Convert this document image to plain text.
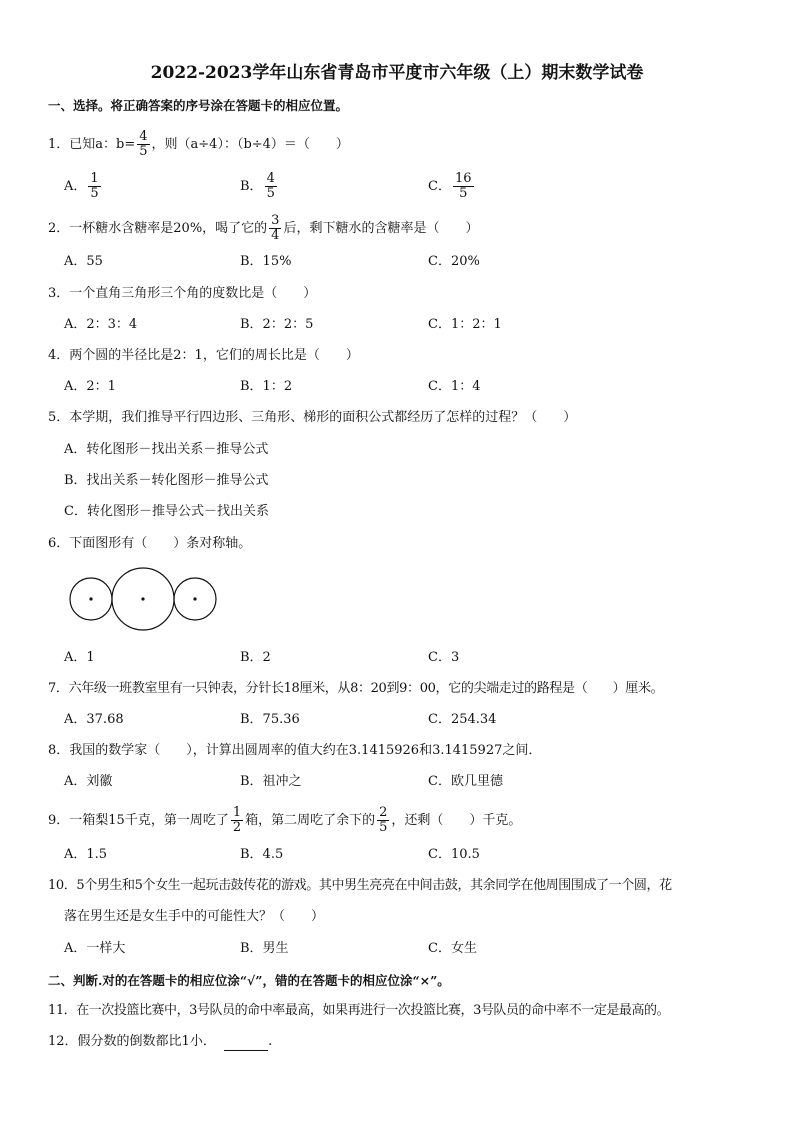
2022-2023学年山东省青岛市平度市六年级（上）期末数学试卷
一、选择。将正确答案的序号涂在答题卡的相应位置。
1．已知a：$b= \frac{4}{5}$ ，则（a÷4）：（b÷4）＝（　　）
A． $\frac{1}{5}$	B． $\frac{4}{5}$	C． $\frac{16}{5}$
2．一杯糖水含糖率是20%，喝了它的 $\frac{3}{4}$ 后，剩下糖水的含糖率是（　　）
A．55	B．15%	C．20%
3．一个直角三角形三个角的度数比是（　　）
A．2：3：4	B．2：2：5	C．1：2：1
4．两个圆的半径比是2：1，它们的周长比是（　　）
A．2：1	B．1：2	C．1：4
5．本学期，我们推导平行四边形、三角形、梯形的面积公式都经历了怎样的过程？（　　）
A．转化图形－找出关系－推导公式
B．找出关系－转化图形－推导公式
C．转化图形－推导公式－找出关系
6．下面图形有（　　）条对称轴。
A．1	B．2	C．3
7．六年级一班教室里有一只钟表，分针长18厘米，从8：20到9：00，它的尖端走过的路程是（　　）厘米。
A．37.68	B．75.36	C．254.34
8．我国的数学家（　　），计算出圆周率的值大约在3.1415926和3.1415927之间．
A．刘徽	B．祖冲之	C．欧几里德
9．一箱梨15千克，第一周吃了 $\frac{1}{2}$ 箱，第二周吃了余下的 $\frac{2}{5}$ ，还剩（　　）千克。
A．1.5	B．4.5	C．10.5
10．5个男生和5个女生一起玩击鼓传花的游戏。其中男生亮亮在中间击鼓，其余同学在他周围围成了一个圆，花
落在男生还是女生手中的可能性大？（　　）
A．一样大	B．男生	C．女生
二、判断.对的在答题卡的相应位涂“√”，错的在答题卡的相应位涂“×”。
11．在一次投篮比赛中，3号队员的命中率最高，如果再进行一次投篮比赛，3号队员的命中率不一定是最高的。
12．假分数的倒数都比1小．	.
